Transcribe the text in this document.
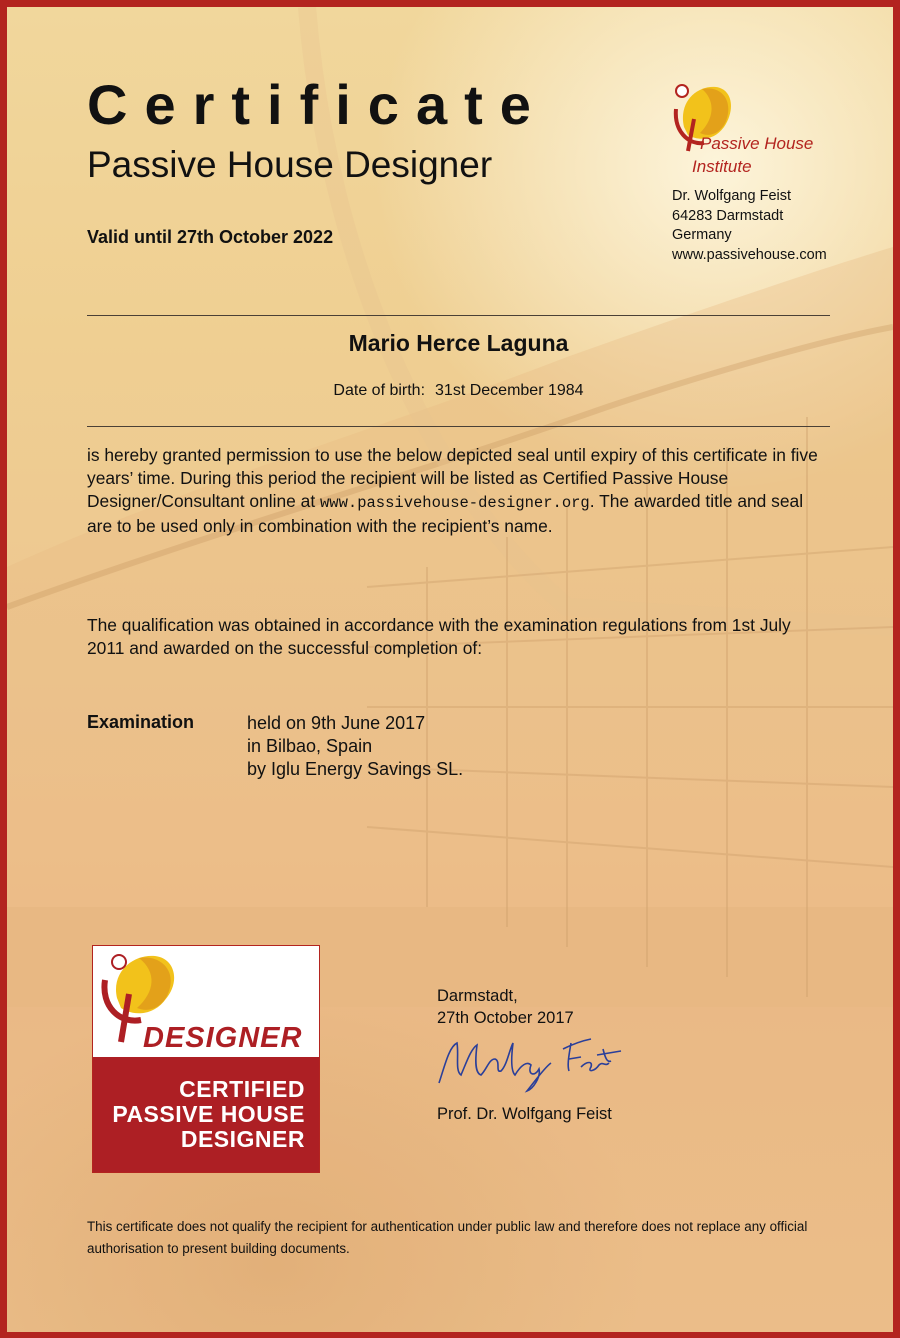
Certificate
Passive House Designer
Valid until 27th October 2022
Passive House
Institute
Dr. Wolfgang Feist
64283 Darmstadt
Germany
www.passivehouse.com
Mario Herce Laguna
Date of birth: 31st December 1984
is hereby granted permission to use the below depicted seal until expiry of this certificate in five years’ time. During this period the recipient will be listed as Certified Passive House Designer/Consultant online at www.passivehouse-designer.org. The awarded title and seal are to be used only in combination with the recipient’s name.
The qualification was obtained in accordance with the examination regulations from 1st July 2011 and awarded on the successful completion of:
Examination	held on 9th June 2017
in Bilbao, Spain
by Iglu Energy Savings SL.
DESIGNER
CERTIFIED
PASSIVE HOUSE
DESIGNER
Darmstadt,
27th October 2017
Prof. Dr. Wolfgang Feist
This certificate does not qualify the recipient for authentication under public law and therefore does not replace any official authorisation to present building documents.
